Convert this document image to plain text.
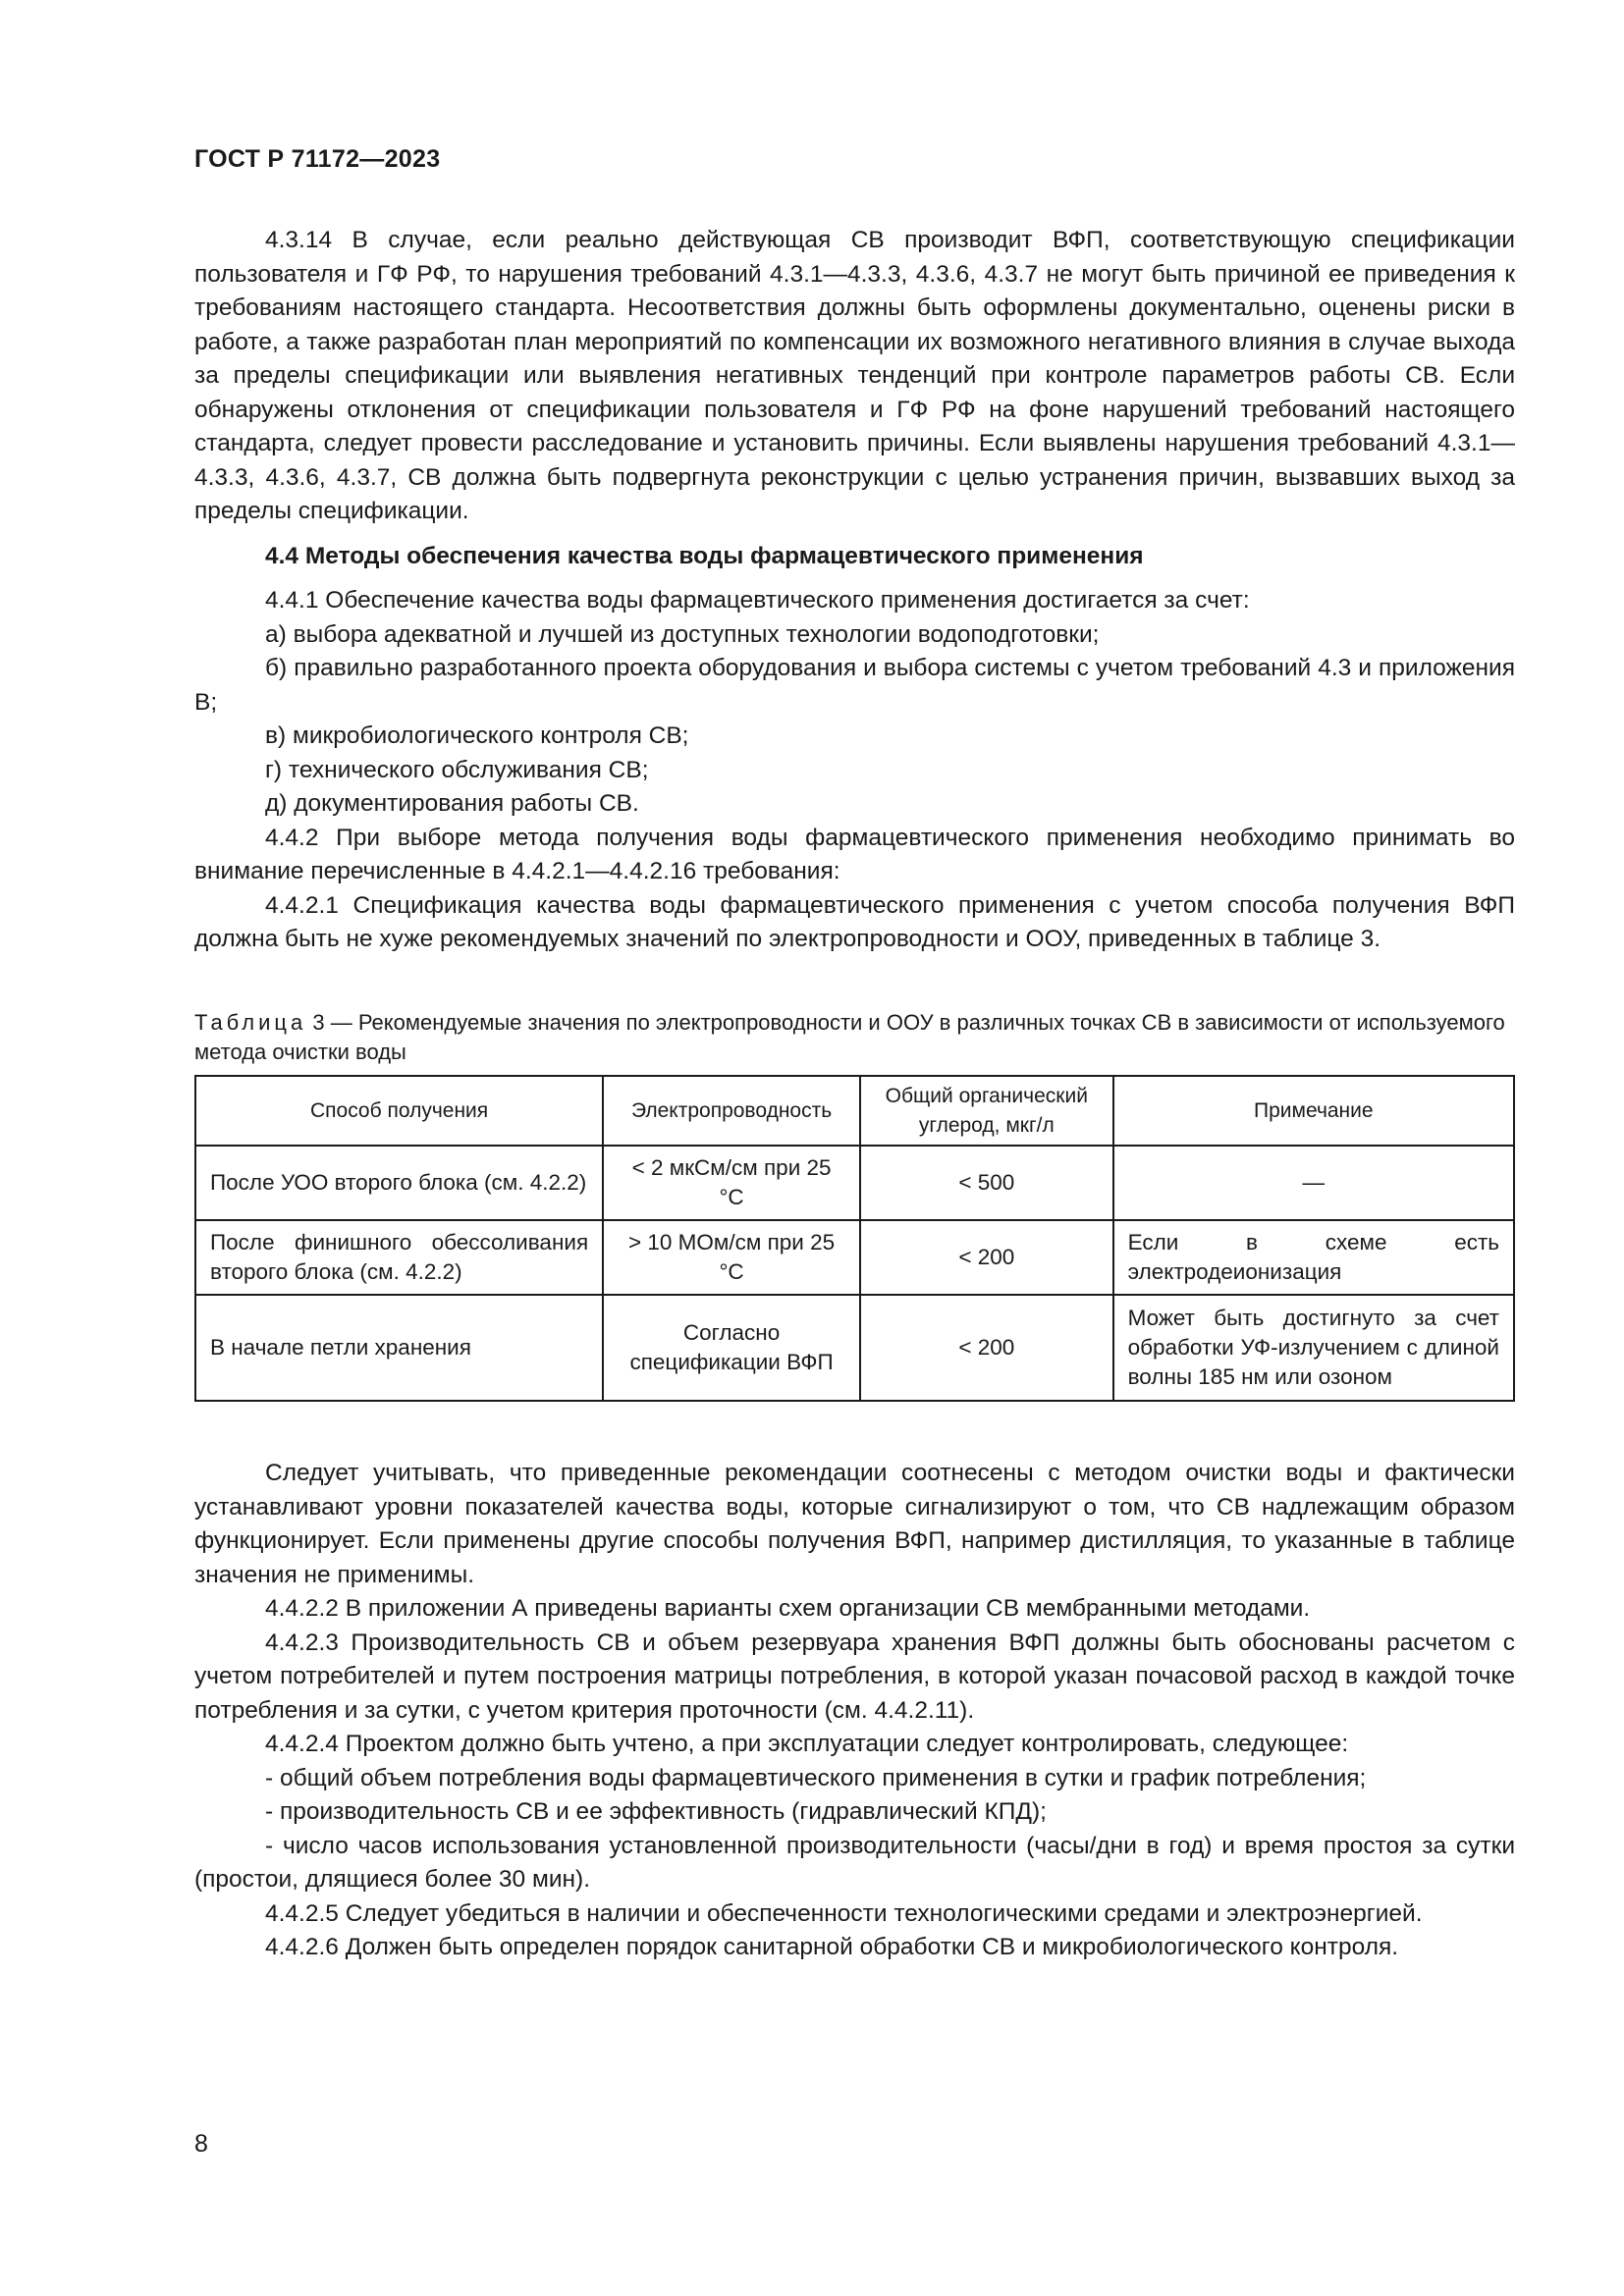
ГОСТ Р 71172—2023

4.3.14 В случае, если реально действующая СВ производит ВФП, соответствующую спецификации пользователя и ГФ РФ, то нарушения требований 4.3.1—4.3.3, 4.3.6, 4.3.7 не могут быть причиной ее приведения к требованиям настоящего стандарта. Несоответствия должны быть оформлены документально, оценены риски в работе, а также разработан план мероприятий по компенсации их возможного негативного влияния в случае выхода за пределы спецификации или выявления негативных тенденций при контроле параметров работы СВ. Если обнаружены отклонения от спецификации пользователя и ГФ РФ на фоне нарушений требований настоящего стандарта, следует провести расследование и установить причины. Если выявлены нарушения требований 4.3.1—4.3.3, 4.3.6, 4.3.7, СВ должна быть подвергнута реконструкции с целью устранения причин, вызвавших выход за пределы спецификации.

4.4 Методы обеспечения качества воды фармацевтического применения

4.4.1 Обеспечение качества воды фармацевтического применения достигается за счет:

а) выбора адекватной и лучшей из доступных технологии водоподготовки;

б) правильно разработанного проекта оборудования и выбора системы с учетом требований 4.3 и приложения В;

в) микробиологического контроля СВ;

г) технического обслуживания СВ;

д) документирования работы СВ.

4.4.2 При выборе метода получения воды фармацевтического применения необходимо принимать во внимание перечисленные в 4.4.2.1—4.4.2.16 требования:

4.4.2.1 Спецификация качества воды фармацевтического применения с учетом способа получения ВФП должна быть не хуже рекомендуемых значений по электропроводности и ООУ, приведенных в таблице 3.

Таблица 3 — Рекомендуемые значения по электропроводности и ООУ в различных точках СВ в зависимости от используемого метода очистки воды
Способ получения	Электропроводность	Общий органический углерод, мкг/л	Примечание
После УОО второго блока (см. 4.2.2)	< 2 мкСм/см при 25 °С	< 500	—
После финишного обессоливания второго блока (см. 4.2.2)	> 10 МОм/см при 25 °С	< 200	Если в схеме есть электродеионизация
В начале петли хранения	Согласно спецификации ВФП	< 200	Может быть достигнуто за счет обработки УФ-излучением с длиной волны 185 нм или озоном

Следует учитывать, что приведенные рекомендации соотнесены с методом очистки воды и фактически устанавливают уровни показателей качества воды, которые сигнализируют о том, что СВ надлежащим образом функционирует. Если применены другие способы получения ВФП, например дистилляция, то указанные в таблице значения не применимы.

4.4.2.2 В приложении А приведены варианты схем организации СВ мембранными методами.

4.4.2.3 Производительность СВ и объем резервуара хранения ВФП должны быть обоснованы расчетом с учетом потребителей и путем построения матрицы потребления, в которой указан почасовой расход в каждой точке потребления и за сутки, с учетом критерия проточности (см. 4.4.2.11).

4.4.2.4 Проектом должно быть учтено, а при эксплуатации следует контролировать, следующее:

- общий объем потребления воды фармацевтического применения в сутки и график потребления;

- производительность СВ и ее эффективность (гидравлический КПД);

- число часов использования установленной производительности (часы/дни в год) и время простоя за сутки (простои, длящиеся более 30 мин).

4.4.2.5 Следует убедиться в наличии и обеспеченности технологическими средами и электроэнергией.

4.4.2.6 Должен быть определен порядок санитарной обработки СВ и микробиологического контроля.

8
